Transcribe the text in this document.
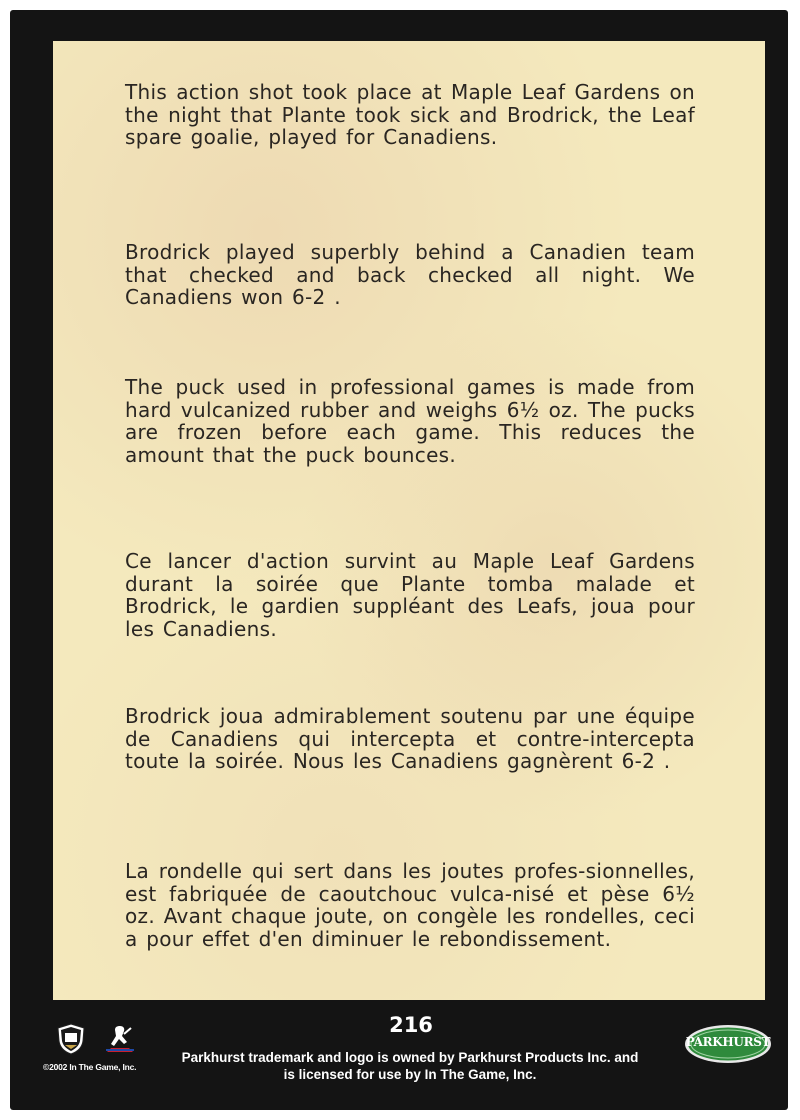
This action shot took place at Maple Leaf Gardens on the night that Plante took sick and Brodrick, the Leaf spare goalie, played for Canadiens.

Brodrick played superbly behind a Canadien team that checked and back checked all night. We Canadiens won 6-2 .

The puck used in professional games is made from hard vulcanized rubber and weighs 6½ oz. The pucks are frozen before each game. This reduces the amount that the puck bounces.

Ce lancer d'action survint au Maple Leaf Gardens durant la soirée que Plante tomba malade et Brodrick, le gardien suppléant des Leafs, joua pour les Canadiens.

Brodrick joua admirablement soutenu par une équipe de Canadiens qui intercepta et contre-intercepta toute la soirée. Nous les Canadiens gagnèrent 6-2 .

La rondelle qui sert dans les joutes profes-sionnelles, est fabriquée de caoutchouc vulca-nisé et pèse 6½ oz. Avant chaque joute, on congèle les rondelles, ceci a pour effet d'en diminuer le rebondissement.

©2002 In The Game, Inc.
216
Parkhurst trademark and logo is owned by Parkhurst Products Inc. and is licensed for use by In The Game, Inc.
PARKHURST
